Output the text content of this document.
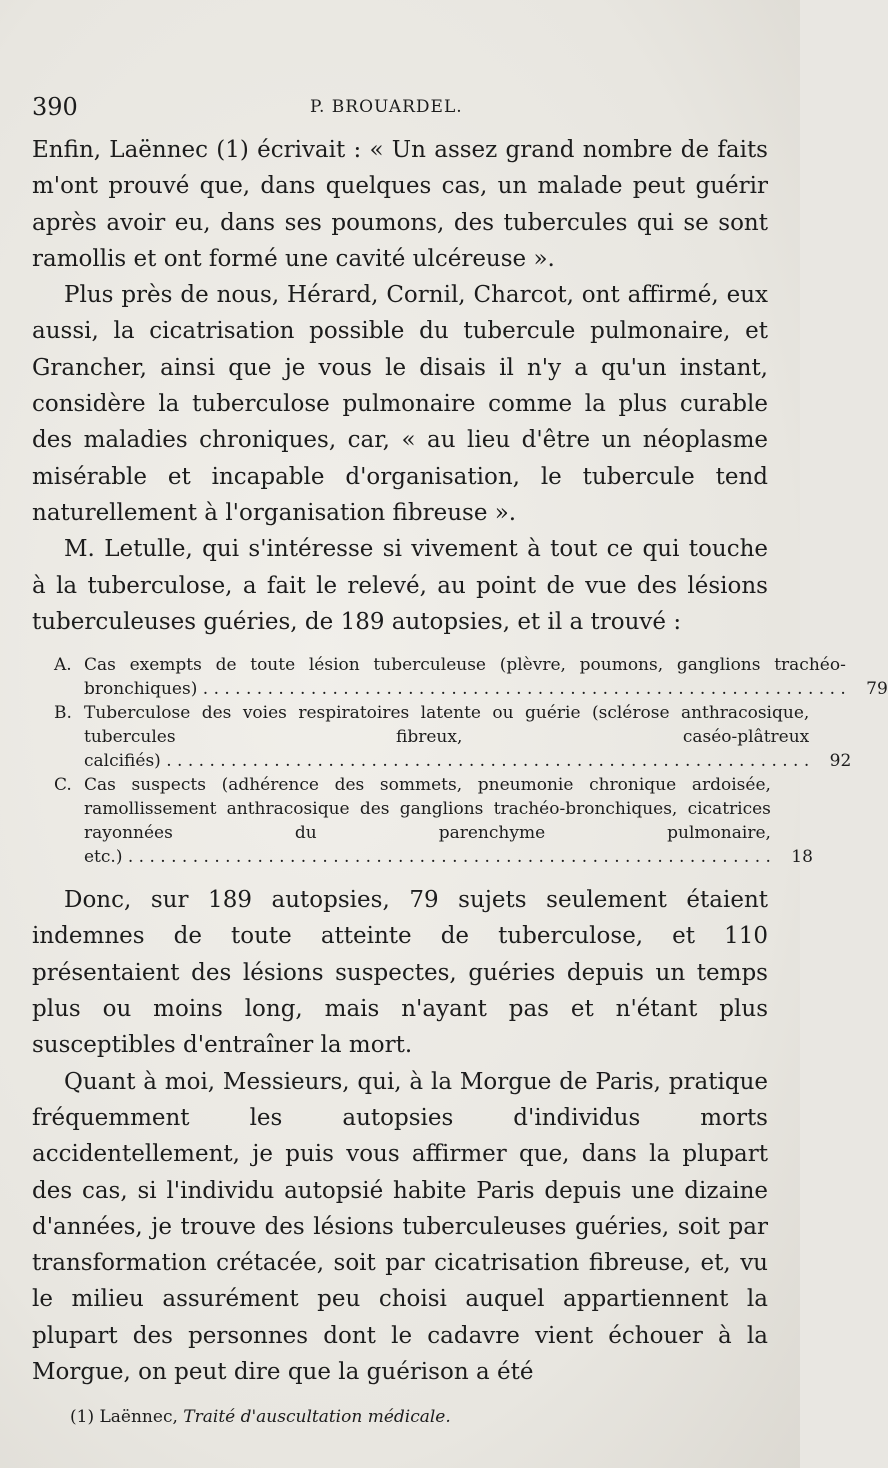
390	P. BROUARDEL.

Enfin, Laënnec (1) écrivait : « Un assez grand nombre de faits m'ont prouvé que, dans quelques cas, un malade peut guérir après avoir eu, dans ses poumons, des tubercules qui se sont ramollis et ont formé une cavité ulcéreuse ».

Plus près de nous, Hérard, Cornil, Charcot, ont affirmé, eux aussi, la cicatrisation possible du tubercule pulmonaire, et Grancher, ainsi que je vous le disais il n'y a qu'un instant, considère la tuberculose pulmonaire comme la plus curable des maladies chroniques, car, « au lieu d'être un néoplasme misérable et incapable d'organisation, le tubercule tend naturellement à l'organisation fibreuse ».

M. Letulle, qui s'intéresse si vivement à tout ce qui touche à la tuberculose, a fait le relevé, au point de vue des lésions tuberculeuses guéries, de 189 autopsies, et il a trouvé :

A. Cas exempts de toute lésion tuberculeuse (plèvre, poumons, ganglions trachéo-bronchiques) . . . . . . . . . . . . . . . . . . . . . . . . . . . . . . . . . . . . . . . . . . . . . . . . . . . . . . . . . . . .	79
B. Tuberculose des voies respiratoires latente ou guérie (sclérose anthracosique, tubercules fibreux, caséo-plâtreux calcifiés) . . . . . . . . . . . . . . . . . . . . . . . . . . . . . . . . . . . . . . . . . . . . . . . . . . . . . . . . . . . .	92
C. Cas suspects (adhérence des sommets, pneumonie chronique ardoisée, ramollissement anthracosique des ganglions trachéo-bronchiques, cicatrices rayonnées du parenchyme pulmonaire, etc.) . . . . . . . . . . . . . . . . . . . . . . . . . . . . . . . . . . . . . . . . . . . . . . . . . . . . . . . . . . . .	18

Donc, sur 189 autopsies, 79 sujets seulement étaient indemnes de toute atteinte de tuberculose, et 110 présentaient des lésions suspectes, guéries depuis un temps plus ou moins long, mais n'ayant pas et n'étant plus susceptibles d'entraîner la mort.

Quant à moi, Messieurs, qui, à la Morgue de Paris, pratique fréquemment les autopsies d'individus morts accidentellement, je puis vous affirmer que, dans la plupart des cas, si l'individu autopsié habite Paris depuis une dizaine d'années, je trouve des lésions tuberculeuses guéries, soit par transformation crétacée, soit par cicatrisation fibreuse, et, vu le milieu assurément peu choisi auquel appartiennent la plupart des personnes dont le cadavre vient échouer à la Morgue, on peut dire que la guérison a été

(1) Laënnec, Traité d'auscultation médicale.
